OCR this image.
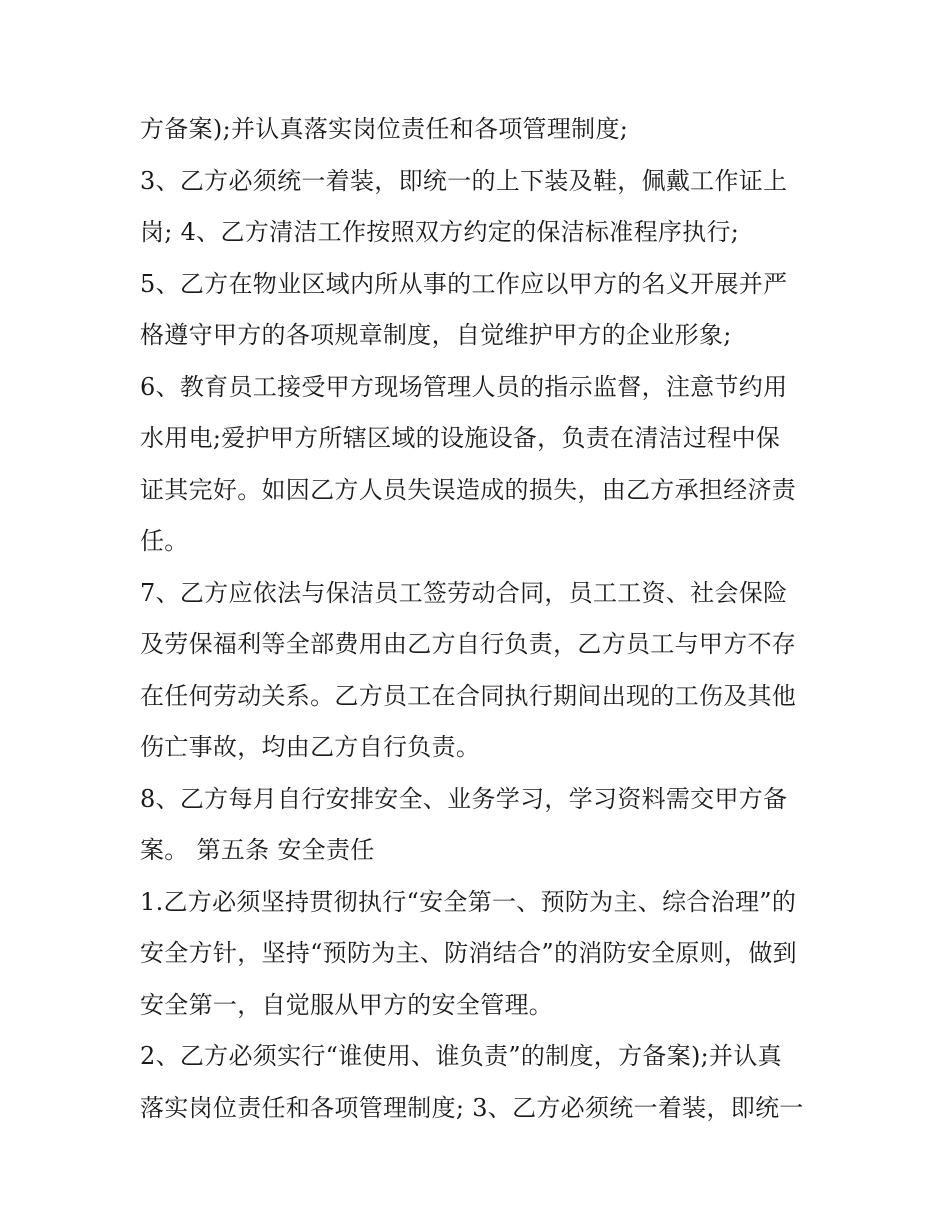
方备案);并认真落实岗位责任和各项管理制度;
3、乙方必须统一着装，即统一的上下装及鞋，佩戴工作证上
岗; 4、乙方清洁工作按照双方约定的保洁标准程序执行;
5、乙方在物业区域内所从事的工作应以甲方的名义开展并严
格遵守甲方的各项规章制度，自觉维护甲方的企业形象;
6、教育员工接受甲方现场管理人员的指示监督，注意节约用
水用电;爱护甲方所辖区域的设施设备，负责在清洁过程中保
证其完好。如因乙方人员失误造成的损失，由乙方承担经济责
任。
7、乙方应依法与保洁员工签劳动合同，员工工资、社会保险
及劳保福利等全部费用由乙方自行负责，乙方员工与甲方不存
在任何劳动关系。乙方员工在合同执行期间出现的工伤及其他
伤亡事故，均由乙方自行负责。
8、乙方每月自行安排安全、业务学习，学习资料需交甲方备
案。 第五条 安全责任
1.乙方必须坚持贯彻执行“安全第一、预防为主、综合治理”的
安全方针，坚持“预防为主、防消结合”的消防安全原则，做到
安全第一，自觉服从甲方的安全管理。
2、乙方必须实行“谁使用、谁负责”的制度，方备案);并认真
落实岗位责任和各项管理制度; 3、乙方必须统一着装，即统一
